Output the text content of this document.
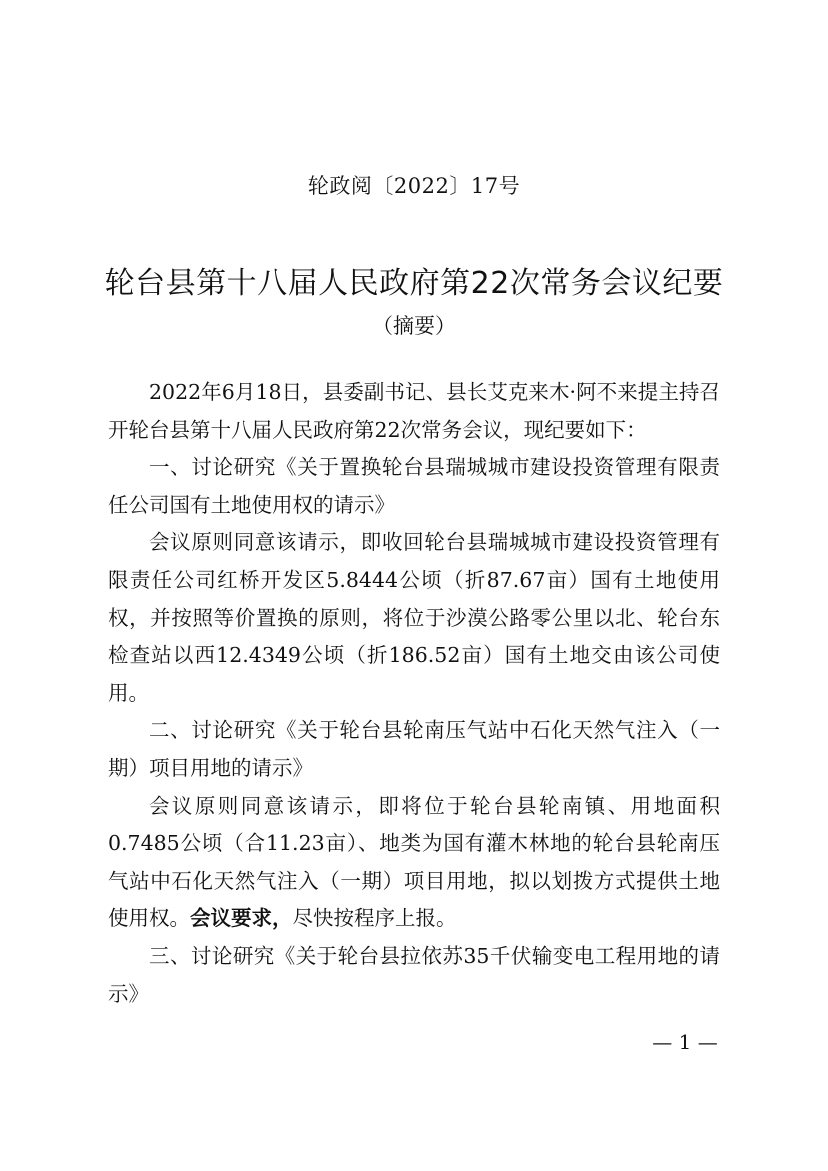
轮政阅〔2022〕17号
轮台县第十八届人民政府第22次常务会议纪要
（摘要）

2022年6月18日，县委副书记、县长艾克来木·阿不来提主持召开轮台县第十八届人民政府第22次常务会议，现纪要如下：

一、讨论研究《关于置换轮台县瑞城城市建设投资管理有限责任公司国有土地使用权的请示》

会议原则同意该请示，即收回轮台县瑞城城市建设投资管理有限责任公司红桥开发区5.8444公顷（折87.67亩）国有土地使用权，并按照等价置换的原则，将位于沙漠公路零公里以北、轮台东检查站以西12.4349公顷（折186.52亩）国有土地交由该公司使用。

二、讨论研究《关于轮台县轮南压气站中石化天然气注入（一期）项目用地的请示》

会议原则同意该请示，即将位于轮台县轮南镇、用地面积0.7485公顷（合11.23亩）、地类为国有灌木林地的轮台县轮南压气站中石化天然气注入（一期）项目用地，拟以划拨方式提供土地使用权。会议要求，尽快按程序上报。

三、讨论研究《关于轮台县拉依苏35千伏输变电工程用地的请示》

— 1 —
